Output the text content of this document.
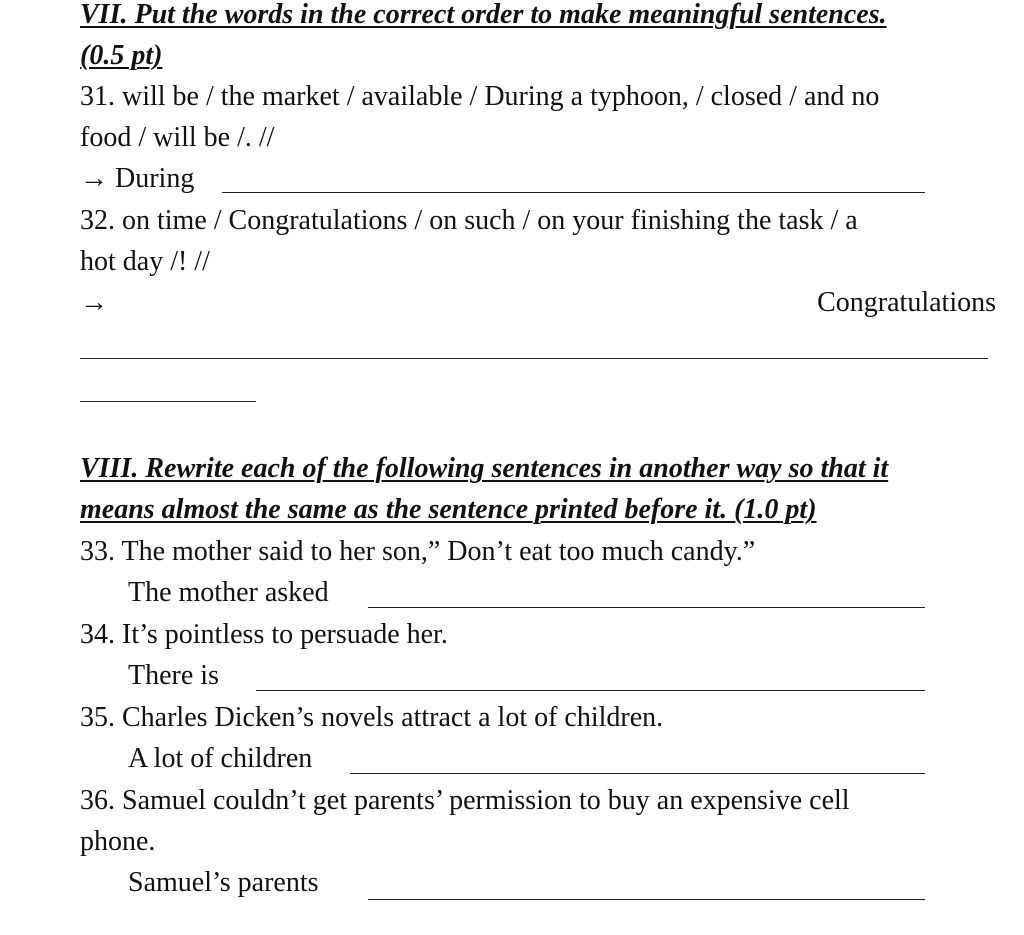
VII. Put the words in the correct order to make meaningful sentences.
(0.5 pt)
31. will be / the market / available / During a typhoon, / closed / and no
food / will be /. //
→ During
32. on time / Congratulations / on such / on your finishing the task / a
hot day /! //
→	Congratulations
VIII. Rewrite each of the following sentences in another way so that it
means almost the same as the sentence printed before it. (1.0 pt)
33. The mother said to her son,” Don’t eat too much candy.”
The mother asked
34. It’s pointless to persuade her.
There is
35. Charles Dicken’s novels attract a lot of children.
A lot of children
36. Samuel couldn’t get parents’ permission to buy an expensive cell
phone.
Samuel’s parents
